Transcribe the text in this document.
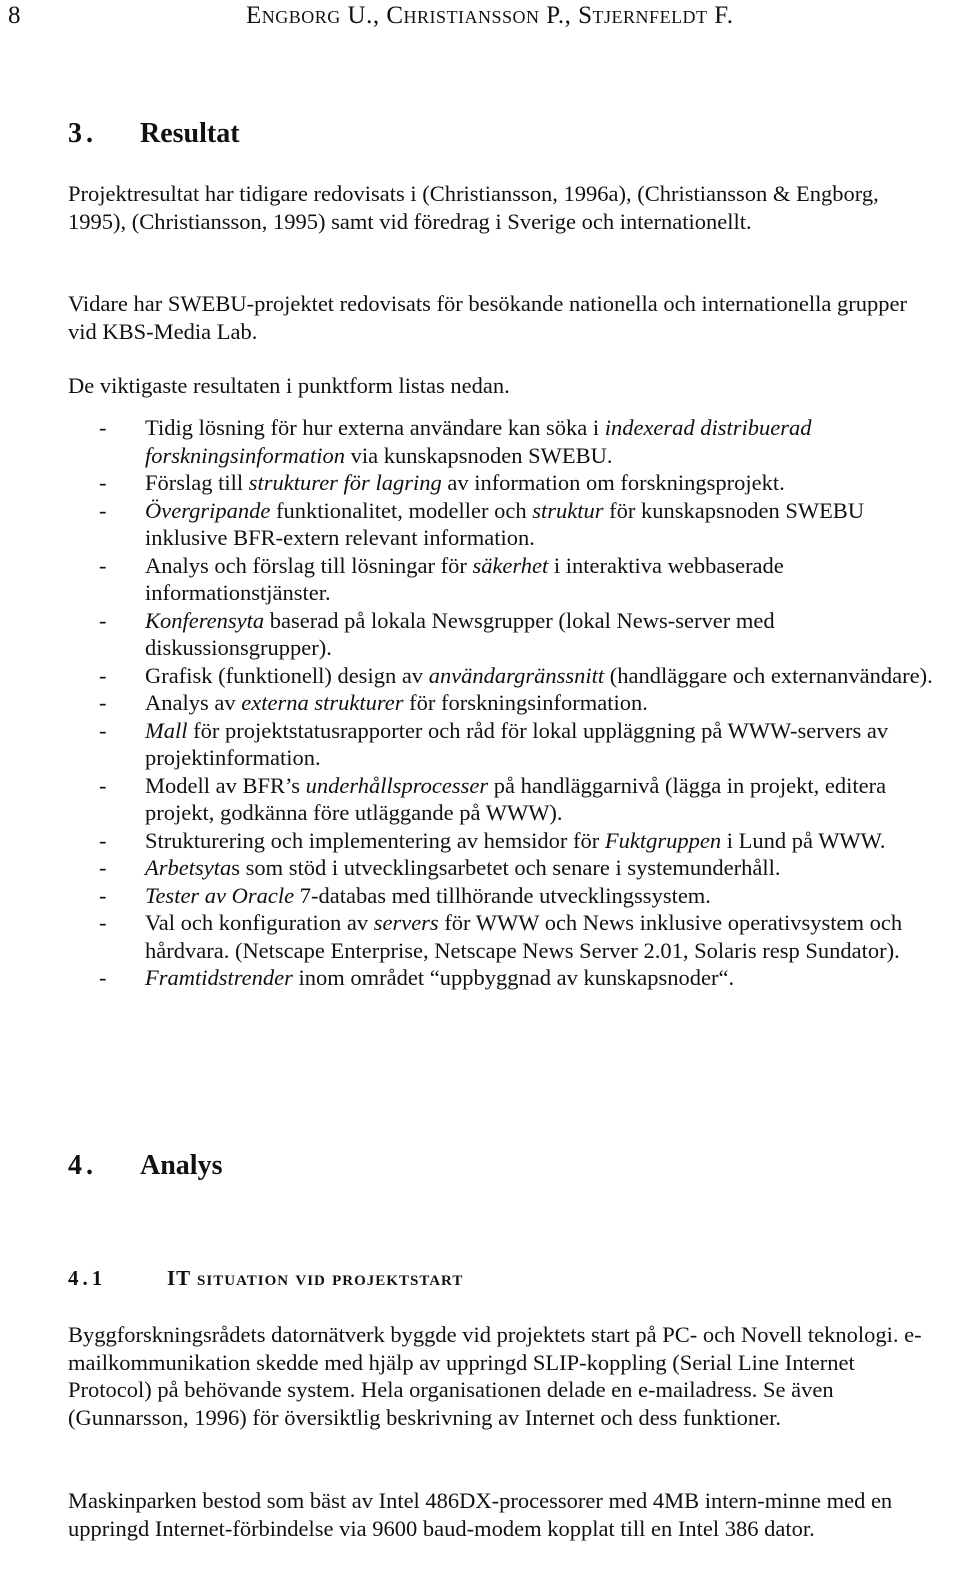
8	Engborg U., Christiansson P., Stjernfeldt F.
3. Resultat
Projektresultat har tidigare redovisats i (Christiansson, 1996a), (Christiansson & Engborg, 1995), (Christiansson, 1995) samt vid föredrag i Sverige och internationellt.
Vidare har SWEBU-projektet redovisats för besökande nationella och internationella grupper vid KBS-Media Lab.
De viktigaste resultaten i punktform listas nedan.
- Tidig lösning för hur externa användare kan söka i indexerad distribuerad forskningsinformation via kunskapsnoden SWEBU.
- Förslag till strukturer för lagring av information om forskningsprojekt.
- Övergripande funktionalitet, modeller och struktur för kunskapsnoden SWEBU inklusive BFR-extern relevant information.
- Analys och förslag till lösningar för säkerhet i interaktiva webbaserade informationstjänster.
- Konferensyta baserad på lokala Newsgrupper (lokal News-server med diskussionsgrupper).
- Grafisk (funktionell) design av användargränssnitt (handläggare och externanvändare).
- Analys av externa strukturer för forskningsinformation.
- Mall för projektstatusrapporter och råd för lokal uppläggning på WWW-servers av projektinformation.
- Modell av BFR’s underhållsprocesser på handläggarnivå (lägga in projekt, editera projekt, godkänna före utläggande på WWW).
- Strukturering och implementering av hemsidor för Fuktgruppen i Lund på WWW.
- Arbetsytas som stöd i utvecklingsarbetet och senare i systemunderhåll.
- Tester av Oracle 7-databas med tillhörande utvecklingssystem.
- Val och konfiguration av servers för WWW och News inklusive operativsystem och hårdvara. (Netscape Enterprise, Netscape News Server 2.01, Solaris resp Sundator).
- Framtidstrender inom området “uppbyggnad av kunskapsnoder“.
4. Analys
4.1	IT situation vid projektstart
Byggforskningsrådets datornätverk byggde vid projektets start på PC- och Novell teknologi. e-mailkommunikation skedde med hjälp av uppringd SLIP-koppling (Serial Line Internet Protocol) på behövande system. Hela organisationen delade en e-mailadress. Se även (Gunnarsson, 1996) för översiktlig beskrivning av Internet och dess funktioner.
Maskinparken bestod som bäst av Intel 486DX-processorer med 4MB intern-minne med en uppringd Internet-förbindelse via 9600 baud-modem kopplat till en Intel 386 dator.
